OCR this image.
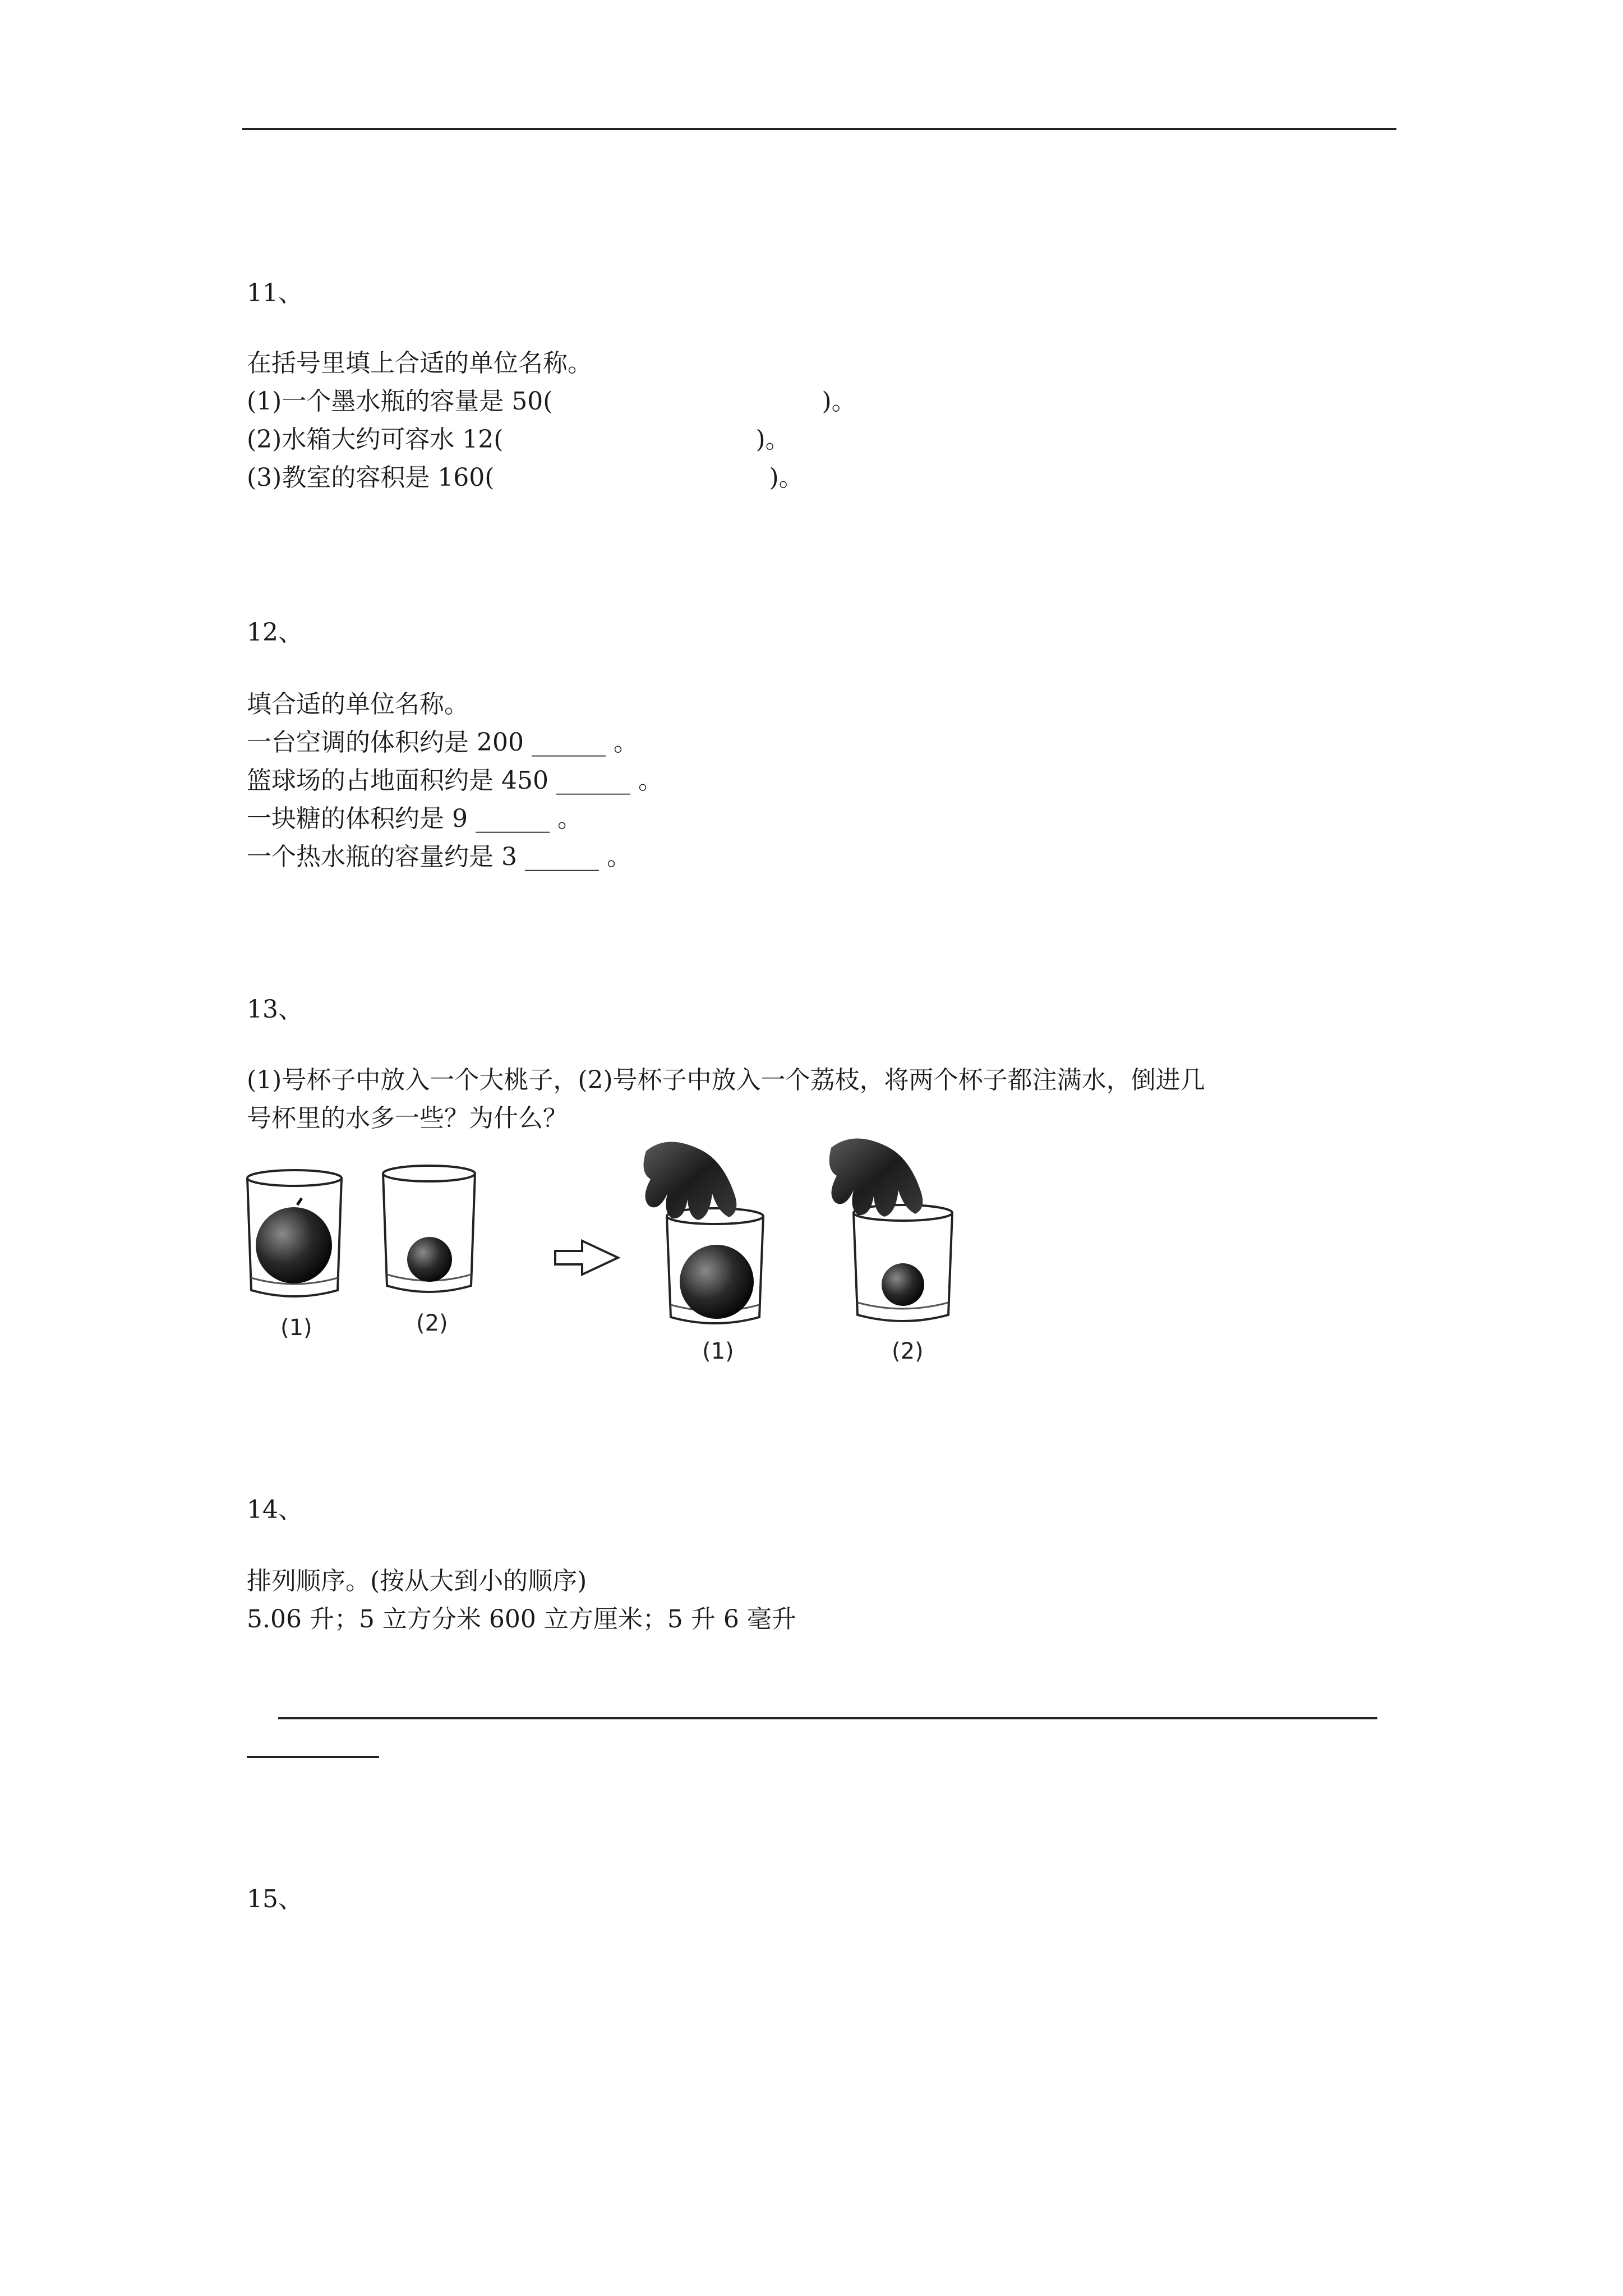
11、
在括号里填上合适的单位名称。
(1)一个墨水瓶的容量是 50(	)。
(2)水箱大约可容水 12(	)。
(3)教室的容积是 160(	)。
12、
填合适的单位名称。
一台空调的体积约是 200 ______ 。
篮球场的占地面积约是 450 ______ 。
一块糖的体积约是 9 ______ 。
一个热水瓶的容量约是 3 ______ 。
13、
(1)号杯子中放入一个大桃子，(2)号杯子中放入一个荔枝，将两个杯子都注满水，倒进几
号杯里的水多一些？为什么？
(1)	(2)
(1)	(2)
14、
排列顺序。(按从大到小的顺序)
5.06 升；5 立方分米 600 立方厘米；5 升 6 毫升
15、
